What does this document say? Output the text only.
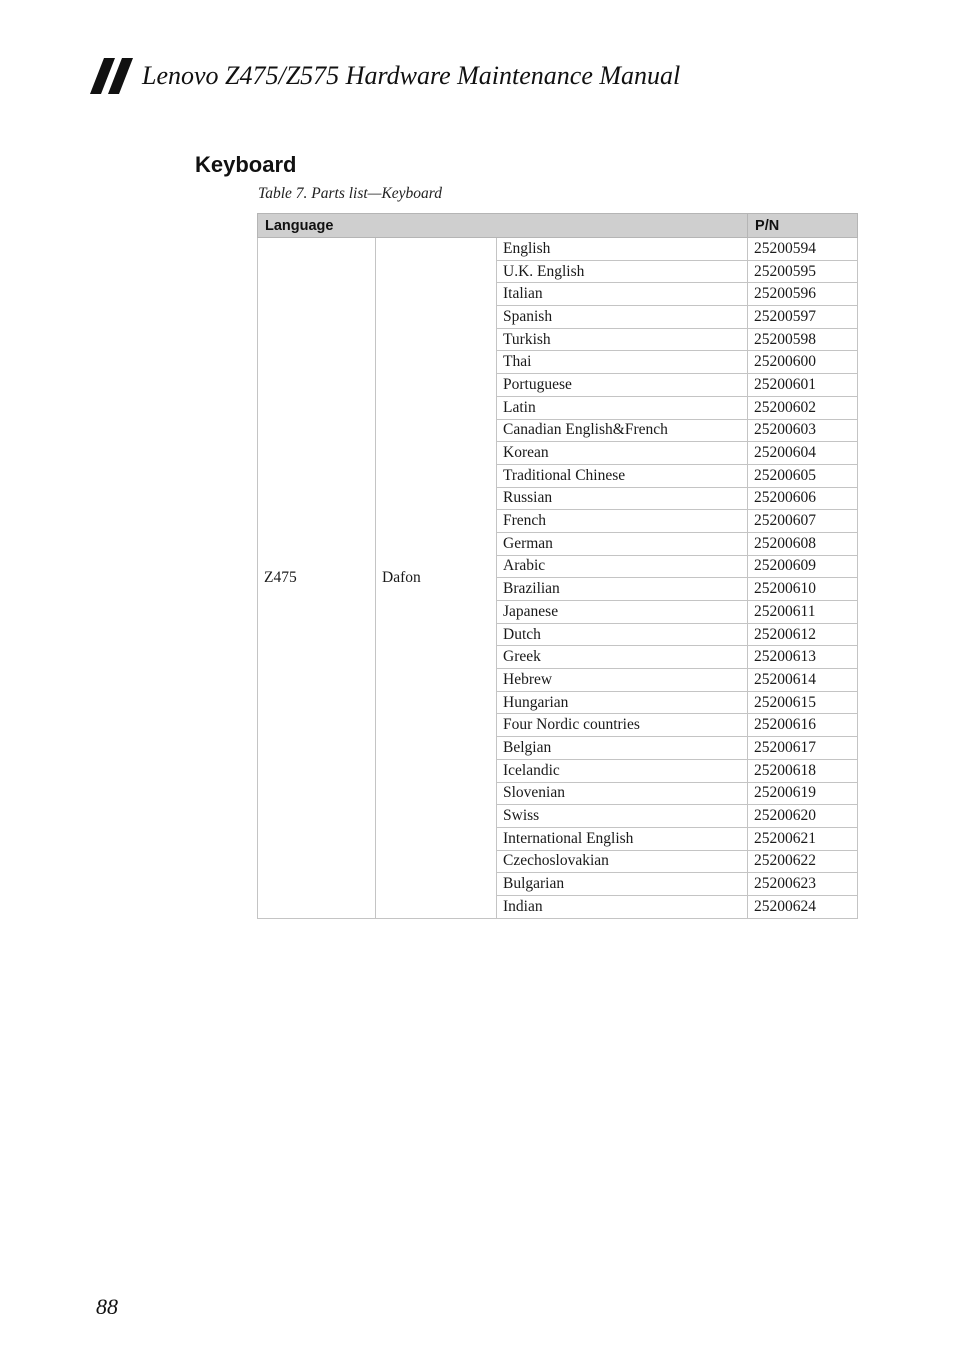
Lenovo Z475/Z575 Hardware Maintenance Manual
Keyboard
Table 7. Parts list—Keyboard
Language			P/N
Z475	Dafon	English	25200594
		U.K. English	25200595
		Italian	25200596
		Spanish	25200597
		Turkish	25200598
		Thai	25200600
		Portuguese	25200601
		Latin	25200602
		Canadian English&French	25200603
		Korean	25200604
		Traditional Chinese	25200605
		Russian	25200606
		French	25200607
		German	25200608
		Arabic	25200609
		Brazilian	25200610
		Japanese	25200611
		Dutch	25200612
		Greek	25200613
		Hebrew	25200614
		Hungarian	25200615
		Four Nordic countries	25200616
		Belgian	25200617
		Icelandic	25200618
		Slovenian	25200619
		Swiss	25200620
		International English	25200621
		Czechoslovakian	25200622
		Bulgarian	25200623
		Indian	25200624
88
